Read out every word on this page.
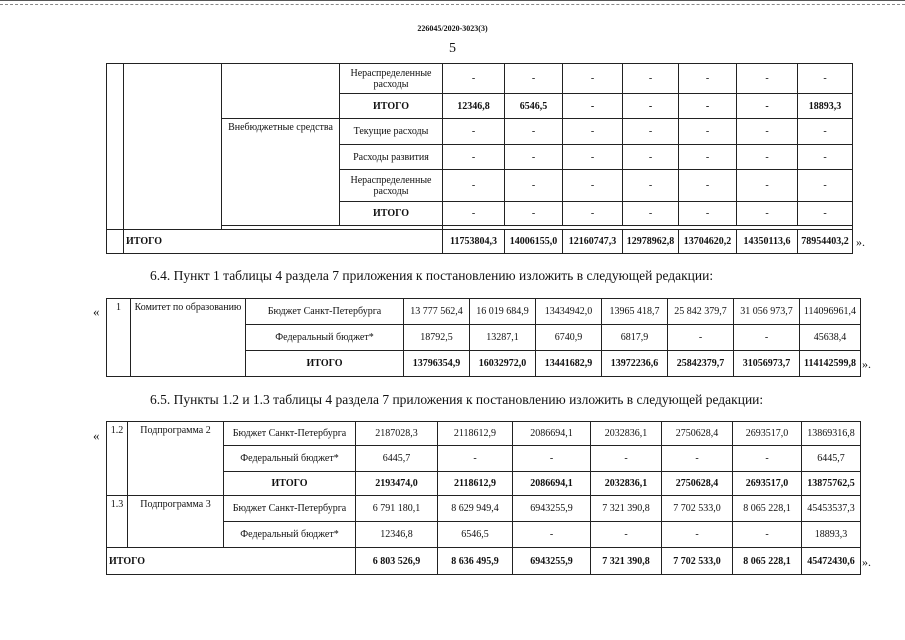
226045/2020-3023(3)
5
			Нераспределенные расходы	-	-	-	-	-	-	-
			ИТОГО	12346,8	6546,5	-	-	-	-	18893,3
		Внебюджетные средства	Текущие расходы	-	-	-	-	-	-	-
			Расходы развития	-	-	-	-	-	-	-
			Нераспределенные расходы	-	-	-	-	-	-	-
			ИТОГО	-	-	-	-	-	-	-

	ИТОГО	11753804,3	14006155,0	12160747,3	12978962,8	13704620,2	14350113,6	78954403,2 ».
6.4. Пункт 1 таблицы 4 раздела 7 приложения к постановлению изложить в следующей редакции:
« 1	Комитет по образованию	Бюджет Санкт-Петербурга	13 777 562,4	16 019 684,9	13434942,0	13965 418,7	25 842 379,7	31 056 973,7	114096961,4
		Федеральный бюджет*	18792,5	13287,1	6740,9	6817,9	-	-	45638,4
		ИТОГО	13796354,9	16032972,0	13441682,9	13972236,6	25842379,7	31056973,7	114142599,8 ».
6.5. Пункты 1.2 и 1.3 таблицы 4 раздела 7 приложения к постановлению изложить в следующей редакции:
« 1.2	Подпрограмма 2	Бюджет Санкт-Петербурга	2187028,3	2118612,9	2086694,1	2032836,1	2750628,4	2693517,0	13869316,8
		Федеральный бюджет*	6445,7	-	-	-	-	-	6445,7
		ИТОГО	2193474,0	2118612,9	2086694,1	2032836,1	2750628,4	2693517,0	13875762,5
1.3	Подпрограмма 3	Бюджет Санкт-Петербурга	6 791 180,1	8 629 949,4	6943255,9	7 321 390,8	7 702 533,0	8 065 228,1	45453537,3
		Федеральный бюджет*	12346,8	6546,5	-	-	-	-	18893,3
ИТОГО			6 803 526,9	8 636 495,9	6943255,9	7 321 390,8	7 702 533,0	8 065 228,1	45472430,6 ».
